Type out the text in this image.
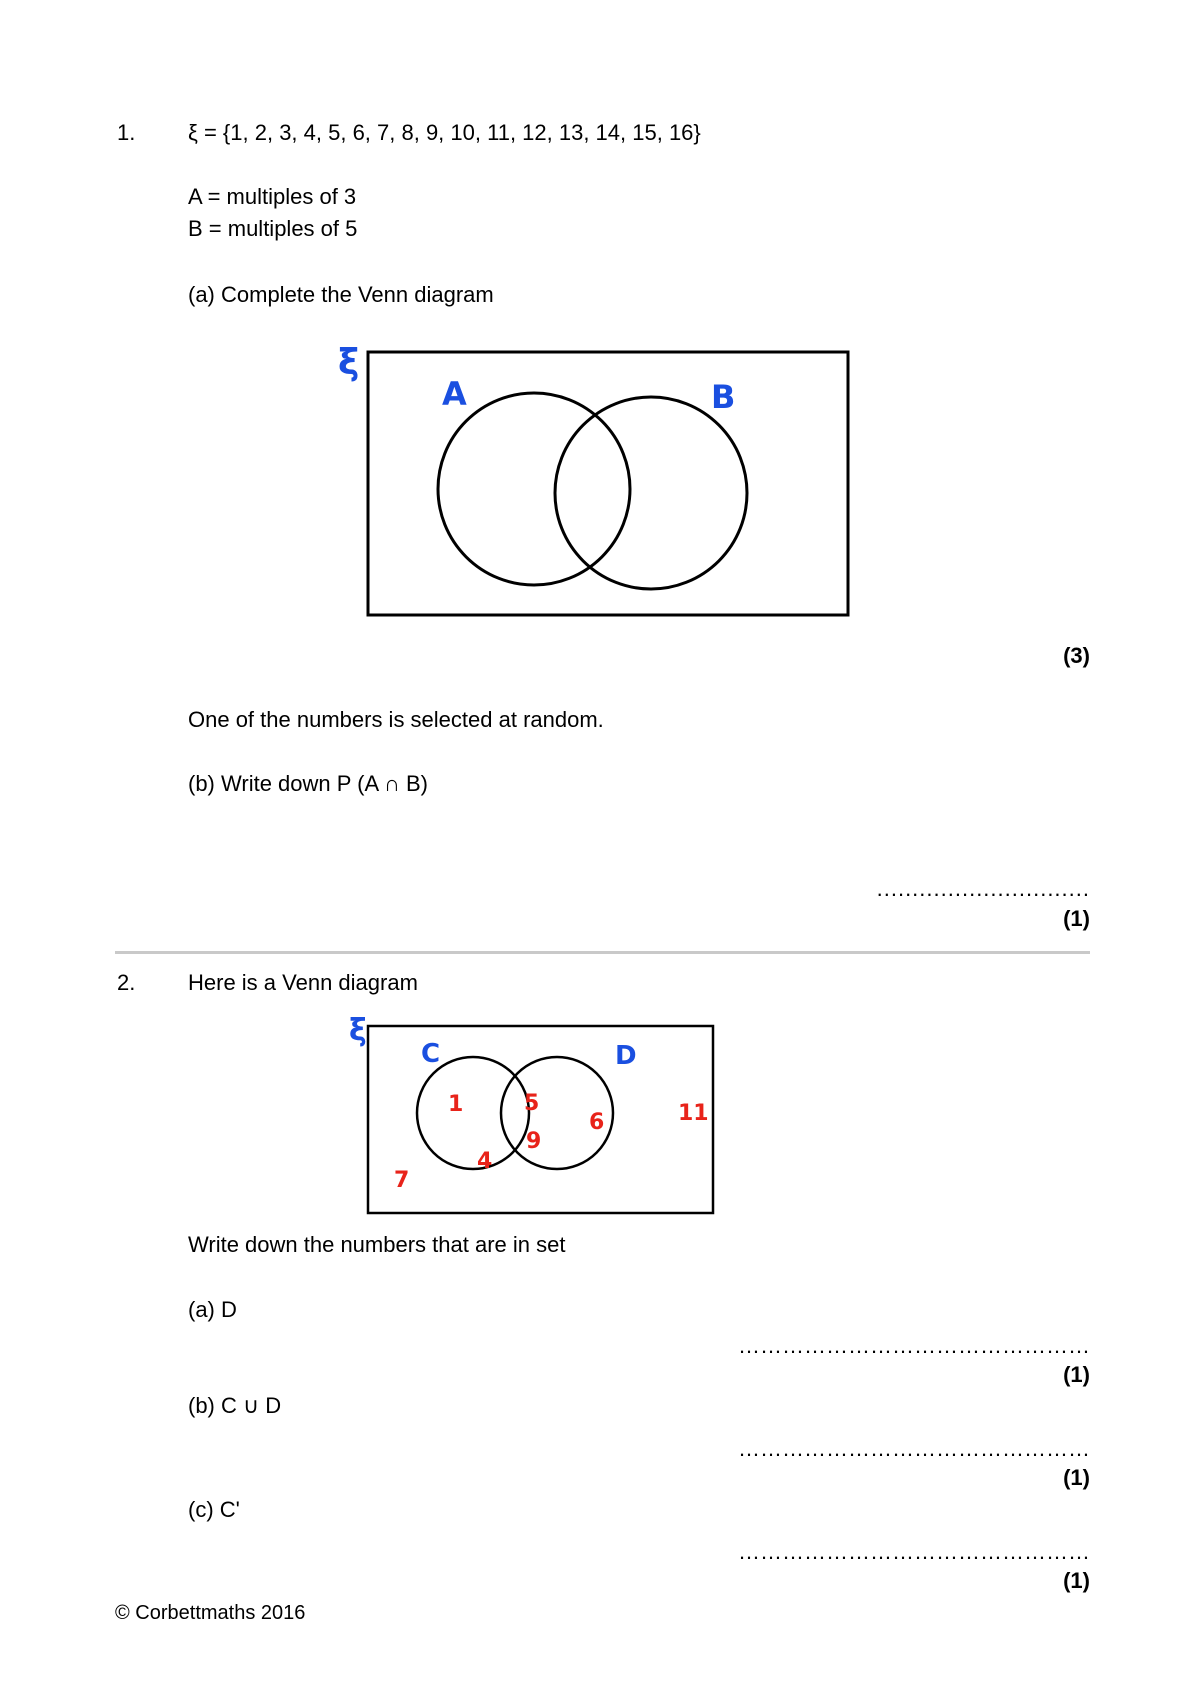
1. ξ = {1, 2, 3, 4, 5, 6, 7, 8, 9, 10, 11, 12, 13, 14, 15, 16}
A = multiples of 3
B = multiples of 5
(a) Complete the Venn diagram
ξ
A	B
ξ
C	D
1
4
5
9
6
7
11
(3)
One of the numbers is selected at random.
(b) Write down P (A ∩ B)
..............................
(1)
2. Here is a Venn diagram
Write down the numbers that are in set
(a) D
…………………………………………
(1)
(b) C ∪ D
…………………………………………
(1)
(c) C'
…………………………………………
(1)
© Corbettmaths 2016
